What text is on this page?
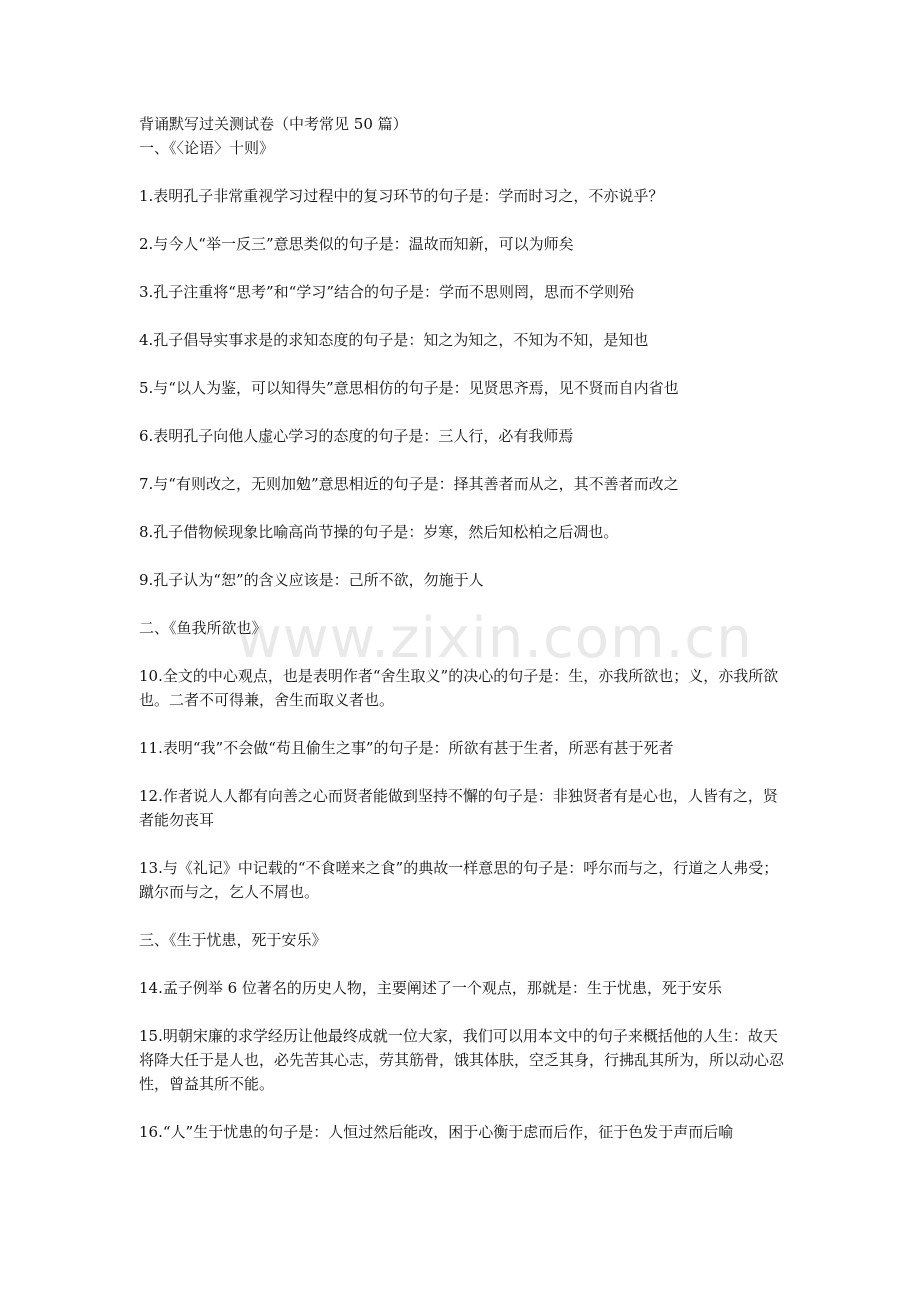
背诵默写过关测试卷（中考常见 50 篇）

一、《〈论语〉十则》

1.表明孔子非常重视学习过程中的复习环节的句子是：学而时习之，不亦说乎？

2.与今人“举一反三”意思类似的句子是：温故而知新，可以为师矣

3.孔子注重将“思考”和“学习”结合的句子是：学而不思则罔，思而不学则殆

4.孔子倡导实事求是的求知态度的句子是：知之为知之，不知为不知，是知也

5.与“以人为鉴，可以知得失”意思相仿的句子是：见贤思齐焉，见不贤而自内省也

6.表明孔子向他人虚心学习的态度的句子是：三人行，必有我师焉

7.与“有则改之，无则加勉”意思相近的句子是：择其善者而从之，其不善者而改之

8.孔子借物候现象比喻高尚节操的句子是：岁寒，然后知松柏之后凋也。

9.孔子认为“恕”的含义应该是：己所不欲，勿施于人

二、《鱼我所欲也》

10.全文的中心观点，也是表明作者“舍生取义”的决心的句子是：生，亦我所欲也；义，亦我所欲也。二者不可得兼，舍生而取义者也。

11.表明“我”不会做“苟且偷生之事”的句子是：所欲有甚于生者，所恶有甚于死者

12.作者说人人都有向善之心而贤者能做到坚持不懈的句子是：非独贤者有是心也，人皆有之，贤者能勿丧耳

13.与《礼记》中记载的“不食嗟来之食”的典故一样意思的句子是：呼尔而与之，行道之人弗受；蹴尔而与之，乞人不屑也。

三、《生于忧患，死于安乐》

14.孟子例举 6 位著名的历史人物，主要阐述了一个观点，那就是：生于忧患，死于安乐

15.明朝宋廉的求学经历让他最终成就一位大家，我们可以用本文中的句子来概括他的人生：故天将降大任于是人也，必先苦其心志，劳其筋骨，饿其体肤，空乏其身，行拂乱其所为，所以动心忍性，曾益其所不能。

16.“人”生于忧患的句子是：人恒过然后能改，困于心衡于虑而后作，征于色发于声而后喻

www.zixin.com.cn
